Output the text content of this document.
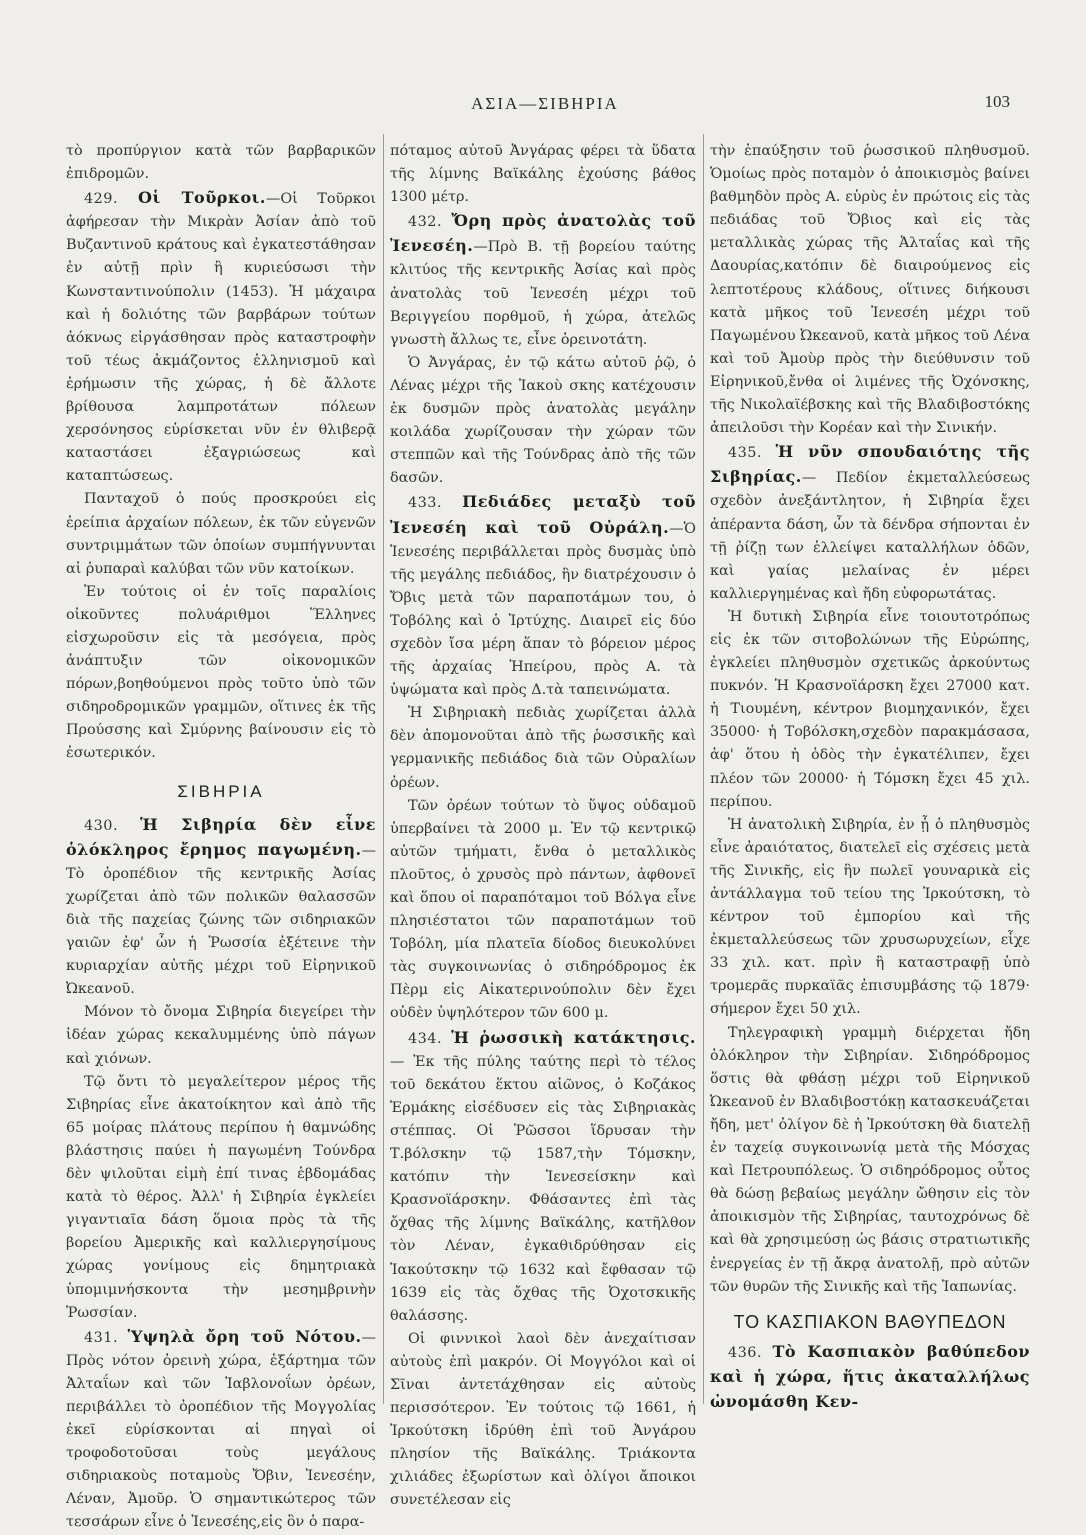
ΑΣΙΑ—ΣΙΒΗΡΙΑ	103

τὸ προπύργιον κατὰ τῶν βαρβαρικῶν ἐπιδρομῶν.

429. Οἱ Τοῦρκοι.—Οἱ Τοῦρκοι ἀφήρεσαν τὴν Μικρὰν Ἀσίαν ἀπὸ τοῦ Βυζαντινοῦ κράτους καὶ ἐγκατεστάθησαν ἐν αὐτῇ πρὶν ἢ κυριεύσωσι τὴν Κωνσταντινούπολιν (1453). Ἡ μάχαιρα καὶ ἡ δολιότης τῶν βαρβάρων τούτων ἀόκνως εἰργάσθησαν πρὸς καταστροφὴν τοῦ τέως ἀκμάζοντος ἑλληνισμοῦ καὶ ἐρήμωσιν τῆς χώρας, ἡ δὲ ἄλλοτε βρίθουσα λαμπροτάτων πόλεων χερσόνησος εὑρίσκεται νῦν ἐν θλιβερᾷ καταστάσει ἐξαγριώσεως καὶ καταπτώσεως.

Πανταχοῦ ὁ πούς προσκρούει εἰς ἐρείπια ἀρχαίων πόλεων, ἐκ τῶν εὐγενῶν συντριμμάτων τῶν ὁποίων συμπήγνυνται αἱ ῥυπαραὶ καλύβαι τῶν νῦν κατοίκων.

Ἐν τούτοις οἱ ἐν τοῖς παραλίοις οἰκοῦντες πολυάριθμοι Ἕλληνες εἰσχωροῦσιν εἰς τὰ μεσόγεια, πρὸς ἀνάπτυξιν τῶν οἰκονομικῶν πόρων,βοηθούμενοι πρὸς τοῦτο ὑπὸ τῶν σιδηροδρομικῶν γραμμῶν, οἵτινες ἐκ τῆς Προύσσης καὶ Σμύρνης βαίνουσιν εἰς τὸ ἐσωτερικόν.

ΣΙΒΗΡΙΑ

430. Ἡ Σιβηρία δὲν εἶνε ὁλόκληρος ἔρημος παγωμένη.—Τὸ ὀροπέδιον τῆς κεντρικῆς Ἀσίας χωρίζεται ἀπὸ τῶν πολικῶν θαλασσῶν διὰ τῆς παχείας ζώνης τῶν σιδηριακῶν γαιῶν ἐφ' ὧν ἡ Ῥωσσία ἐξέτεινε τὴν κυριαρχίαν αὐτῆς μέχρι τοῦ Εἰρηνικοῦ Ὠκεανοῦ.

Μόνον τὸ ὄνομα Σιβηρία διεγείρει τὴν ἰδέαν χώρας κεκαλυμμένης ὑπὸ πάγων καὶ χιόνων.

Τῷ ὄντι τὸ μεγαλείτερον μέρος τῆς Σιβηρίας εἶνε ἀκατοίκητον καὶ ἀπὸ τῆς 65 μοίρας πλάτους περίπου ἡ θαμνώδης βλάστησις παύει ἡ παγωμένη Τούνδρα δὲν ψιλοῦται εἰμὴ ἐπί τινας ἑβδομάδας κατὰ τὸ θέρος. Ἀλλ' ἡ Σιβηρία ἐγκλείει γιγαντιαῖα δάση ὅμοια πρὸς τὰ τῆς βορείου Ἀμερικῆς καὶ καλλιεργησίμους χώρας γονίμους εἰς δημητριακὰ ὑπομιμνήσκοντα τὴν μεσημβρινὴν Ῥωσσίαν.

431. Ὑψηλὰ ὄρη τοῦ Νότου.— Πρὸς νότον ὀρεινὴ χώρα, ἐξάρτημα τῶν Ἀλταΐων καὶ τῶν Ἰαβλονοΐων ὀρέων, περιβάλλει τὸ ὀροπέδιον τῆς Μογγολίας ἐκεῖ εὑρίσκονται αἱ πηγαὶ οἱ τροφοδοτοῦσαι τοὺς μεγάλους σιδηριακοὺς ποταμοὺς Ὄβιν, Ἰενεσέην, Λέναν, Ἀμοῦρ. Ὁ σημαντικώτερος τῶν τεσσάρων εἶνε ὁ Ἰενεσέης,εἰς ὃν ὁ παρα-

πόταμος αὐτοῦ Ἀνγάρας φέρει τὰ ὕδατα τῆς λίμνης Βαϊκάλης ἐχούσης βάθος 1300 μέτρ.

432. Ὄρη πρὸς ἀνατολὰς τοῦ Ἰενεσέη.—Πρὸ Β. τῇ βορείου ταύτης κλιτύος τῆς κεντρικῆς Ἀσίας καὶ πρὸς ἀνατολὰς τοῦ Ἰενεσέη μέχρι τοῦ Βεριγγείου πορθμοῦ, ἡ χώρα, ἀτελῶς γνωστὴ ἄλλως τε, εἶνε ὀρεινοτάτη.

Ὁ Ἀνγάρας, ἐν τῷ κάτω αὐτοῦ ῥῷ, ὁ Λένας μέχρι τῆς Ἰακοὺ σκης κατέχουσιν ἐκ δυσμῶν πρὸς ἀνατολὰς μεγάλην κοιλάδα χωρίζουσαν τὴν χώραν τῶν στεππῶν καὶ τῆς Τούνδρας ἀπὸ τῆς τῶν δασῶν.

433. Πεδιάδες μεταξὺ τοῦ Ἰενεσέη καὶ τοῦ Οὐράλη.—Ὁ Ἰενεσέης περιβάλλεται πρὸς δυσμὰς ὑπὸ τῆς μεγάλης πεδιάδος, ἣν διατρέχουσιν ὁ Ὄβις μετὰ τῶν παραποτάμων του, ὁ Τοβόλης καὶ ὁ Ἰρτύχης. Διαιρεῖ εἰς δύο σχεδὸν ἴσα μέρη ἅπαν τὸ βόρειον μέρος τῆς ἀρχαίας Ἠπείρου, πρὸς Α. τὰ ὑψώματα καὶ πρὸς Δ.τὰ ταπεινώματα.

Ἡ Σιβηριακὴ πεδιὰς χωρίζεται ἀλλὰ δὲν ἀπομονοῦται ἀπὸ τῆς ῥωσσικῆς καὶ γερμανικῆς πεδιάδος διὰ τῶν Οὐραλίων ὀρέων.

Τῶν ὀρέων τούτων τὸ ὕψος οὐδαμοῦ ὑπερβαίνει τὰ 2000 μ. Ἐν τῷ κεντρικῷ αὐτῶν τμήματι, ἔνθα ὁ μεταλλικὸς πλοῦτος, ὁ χρυσὸς πρὸ πάντων, ἀφθονεῖ καὶ ὅπου οἱ παραπόταμοι τοῦ Βόλγα εἶνε πλησιέστατοι τῶν παραποτάμων τοῦ Τοβόλη, μία πλατεῖα δίοδος διευκολύνει τὰς συγκοινωνίας ὁ σιδηρόδρομος ἐκ Πὲρμ εἰς Αἰκατερινούπολιν δὲν ἔχει οὐδὲν ὑψηλότερον τῶν 600 μ.

434. Ἡ ῥωσσικὴ κατάκτησις.— Ἐκ τῆς πύλης ταύτης περὶ τὸ τέλος τοῦ δεκάτου ἕκτου αἰῶνος, ὁ Κοζάκος Ἑρμάκης εἰσέδυσεν εἰς τὰς Σιβηριακὰς στέππας. Οἱ Ῥῶσσοι ἵδρυσαν τὴν Τ.βόλσκην τῷ 1587,τὴν Τόμσκην, κατόπιν τὴν Ἰενεσείσκην καὶ Κρασνοϊάρσκην. Φθάσαντες ἐπὶ τὰς ὄχθας τῆς λίμνης Βαϊκάλης, κατῆλθον τὸν Λέναν, ἐγκαθιδρύθησαν εἰς Ἰακούτσκην τῷ 1632 καὶ ἔφθασαν τῷ 1639 εἰς τὰς ὄχθας τῆς Ὀχοτσκικῆς θαλάσσης.

Οἱ φιννικοὶ λαοὶ δὲν ἀνεχαίτισαν αὐτοὺς ἐπὶ μακρόν. Οἱ Μογγόλοι καὶ οἱ Σῖναι ἀντετάχθησαν εἰς αὐτοὺς περισσότερον. Ἐν τούτοις τῷ 1661, ἡ Ἰρκούτσκη ἱδρύθη ἐπὶ τοῦ Ἀνγάρου πλησίον τῆς Βαϊκάλης. Τριάκοντα χιλιάδες ἐξωρίστων καὶ ὀλίγοι ἄποικοι συνετέλεσαν εἰς

τὴν ἐπαύξησιν τοῦ ῥωσσικοῦ πληθυσμοῦ. Ὁμοίως πρὸς ποταμὸν ὁ ἀποικισμὸς βαίνει βαθμηδὸν πρὸς Α. εὑρὺς ἐν πρώτοις εἰς τὰς πεδιάδας τοῦ Ὄβιος καὶ εἰς τὰς μεταλλικὰς χώρας τῆς Ἀλταΐας καὶ τῆς Δαουρίας,κατόπιν δὲ διαιρούμενος εἰς λεπτοτέρους κλάδους, οἵτινες διήκουσι κατὰ μῆκος τοῦ Ἰενεσέη μέχρι τοῦ Παγωμένου Ὠκεανοῦ, κατὰ μῆκος τοῦ Λένα καὶ τοῦ Ἀμοὺρ πρὸς τὴν διεύθυνσιν τοῦ Εἰρηνικοῦ,ἔνθα οἱ λιμένες τῆς Ὀχόνσκης, τῆς Νικολαϊέβσκης καὶ τῆς Βλαδιβοστόκης ἀπειλοῦσι τὴν Κορέαν καὶ τὴν Σινικήν.

435. Ἡ νῦν σπουδαιότης τῆς Σιβηρίας.— Πεδίον ἐκμεταλλεύσεως σχεδὸν ἀνεξάντλητον, ἡ Σιβηρία ἔχει ἀπέραντα δάση, ὧν τὰ δένδρα σήπονται ἐν τῇ ῥίζῃ των ἐλλείψει καταλλήλων ὁδῶν, καὶ γαίας μελαίνας ἐν μέρει καλλιεργημένας καὶ ἤδη εὐφορωτάτας.

Ἡ δυτικὴ Σιβηρία εἶνε τοιουτοτρόπως εἰς ἐκ τῶν σιτοβολώνων τῆς Εὐρώπης, ἐγκλείει πληθυσμὸν σχετικῶς ἀρκούντως πυκνόν. Ἡ Κρασνοϊάρσκη ἔχει 27000 κατ. ἡ Τιουμένη, κέντρον βιομηχανικόν, ἔχει 35000· ἡ Τοβόλσκη,σχεδὸν παρακμάσασα, ἀφ' ὅτου ἡ ὁδὸς τὴν ἐγκατέλιπεν, ἔχει πλέον τῶν 20000· ἡ Τόμσκη ἔχει 45 χιλ. περίπου.

Ἡ ἀνατολικὴ Σιβηρία, ἐν ᾗ ὁ πληθυσμὸς εἶνε ἀραιότατος, διατελεῖ εἰς σχέσεις μετὰ τῆς Σινικῆς, εἰς ἣν πωλεῖ γουναρικὰ εἰς ἀντάλλαγμα τοῦ τείου της Ἰρκούτσκη, τὸ κέντρον τοῦ ἐμπορίου καὶ τῆς ἐκμεταλλεύσεως τῶν χρυσωρυχείων, εἶχε 33 χιλ. κατ. πρὶν ἢ καταστραφῇ ὑπὸ τρομερᾶς πυρκαϊᾶς ἐπισυμβάσης τῷ 1879· σήμερον ἔχει 50 χιλ.

Τηλεγραφικὴ γραμμὴ διέρχεται ἤδη ὁλόκληρον τὴν Σιβηρίαν. Σιδηρόδρομος ὅστις θὰ φθάσῃ μέχρι τοῦ Εἰρηνικοῦ Ὠκεανοῦ ἐν Βλαδιβοστόκῃ κατασκευάζεται ἤδη, μετ' ὀλίγον δὲ ἡ Ἰρκούτσκη θὰ διατελῇ ἐν ταχείᾳ συγκοινωνίᾳ μετὰ τῆς Μόσχας καὶ Πετρουπόλεως. Ὁ σιδηρόδρομος οὗτος θὰ δώσῃ βεβαίως μεγάλην ὤθησιν εἰς τὸν ἀποικισμὸν τῆς Σιβηρίας, ταυτοχρόνως δὲ καὶ θὰ χρησιμεύσῃ ὡς βάσις στρατιωτικῆς ἐνεργείας ἐν τῇ ἄκρᾳ ἀνατολῇ, πρὸ αὐτῶν τῶν θυρῶν τῆς Σινικῆς καὶ τῆς Ἰαπωνίας.

ΤΟ ΚΑΣΠΙΑΚΟΝ ΒΑΘΥΠΕΔΟΝ

436. Τὸ Κασπιακὸν βαθύπεδον καὶ ἡ χώρα, ἥτις ἀκαταλλήλως ὠνομάσθη Κεν-
